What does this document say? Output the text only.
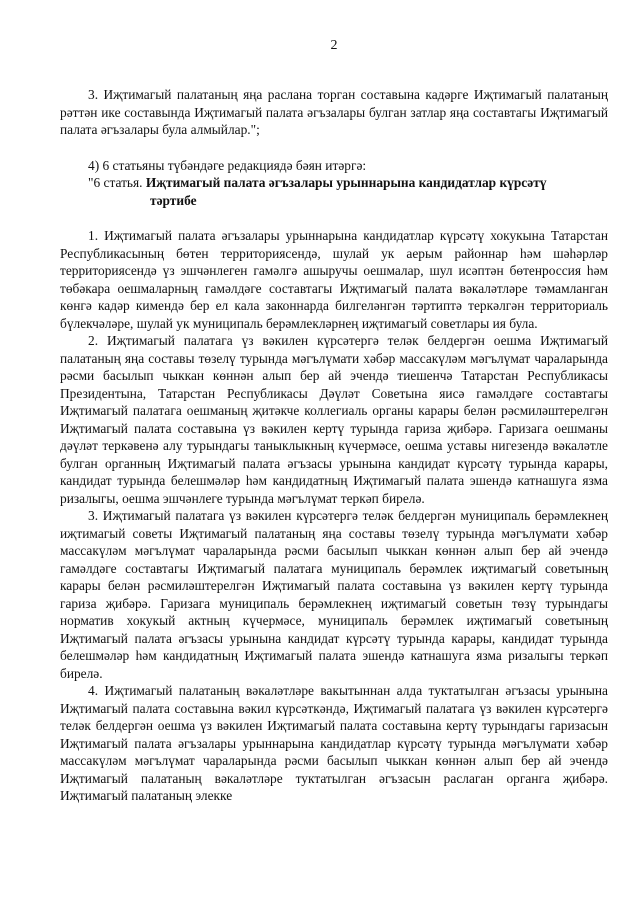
2

3. Иҗтимагый палатаның яңа раслана торган составына кадәрге Иҗтимагый палатаның рәттән ике составында Иҗтимагый палата әгъзалары булган затлар яңа составтагы Иҗтимагый палата әгъзалары була алмыйлар.";

4) 6 статьяны түбәндәге редакциядә бәян итәргә:

"6 статья. Иҗтимагый палата әгъзалары урыннарына кандидатлар күрсәтү
тәртибе

1. Иҗтимагый палата әгъзалары урыннарына кандидатлар күрсәтү хокукына Татарстан Республикасының бөтен территориясендә, шулай ук аерым районнар һәм шәһәрләр территориясендә үз эшчәнлеген гамәлгә ашыручы оешмалар, шул исәптән бөтенроссия һәм төбәкара оешмаларның гамәлдәге составтагы Иҗтимагый палата вәкаләтләре тәмамланган көнгә кадәр кимендә бер ел кала законнарда билгеләнгән тәртиптә теркәлгән территориаль бүлекчәләре, шулай ук муниципаль берәмлекләрнең иҗтимагый советлары ия була.

2. Иҗтимагый палатага үз вәкилен күрсәтергә теләк белдергән оешма Иҗтимагый палатаның яңа составы төзелү турында мәгълүмати хәбәр массакүләм мәгълүмат чараларында рәсми басылып чыккан көннән алып бер ай эчендә тиешенчә Татарстан Республикасы Президентына, Татарстан Республикасы Дәүләт Советына яисә гамәлдәге составтагы Иҗтимагый палатага оешманың җитәкче коллегиаль органы карары белән рәсмиләштерелгән Иҗтимагый палата составына үз вәкилен кертү турында гариза җибәрә. Гаризага оешманы дәүләт теркәвенә алу турындагы таныклыкның күчермәсе, оешма уставы нигезендә вәкаләтле булган органның Иҗтимагый палата әгъзасы урынына кандидат күрсәтү турында карары, кандидат турында белешмәләр һәм кандидатның Иҗтимагый палата эшендә катнашуга язма ризалыгы, оешма эшчәнлеге турында мәгълүмат теркәп бирелә.

3. Иҗтимагый палатага үз вәкилен күрсәтергә теләк белдергән муниципаль берәмлекнең иҗтимагый советы Иҗтимагый палатаның яңа составы төзелү турында мәгълүмати хәбәр массакүләм мәгълүмат чараларында рәсми басылып чыккан көннән алып бер ай эчендә гамәлдәге составтагы Иҗтимагый палатага муниципаль берәмлек иҗтимагый советының карары белән рәсмиләштерелгән Иҗтимагый палата составына үз вәкилен кертү турында гариза җибәрә. Гаризага муниципаль берәмлекнең иҗтимагый советын төзү турындагы норматив хокукый актның күчермәсе, муниципаль берәмлек иҗтимагый советының Иҗтимагый палата әгъзасы урынына кандидат күрсәтү турында карары, кандидат турында белешмәләр һәм кандидатның Иҗтимагый палата эшендә катнашуга язма ризалыгы теркәп бирелә.

4. Иҗтимагый палатаның вәкаләтләре вакытыннан алда туктатылган әгъзасы урынына Иҗтимагый палата составына вәкил күрсәткәндә, Иҗтимагый палатага үз вәкилен күрсәтергә теләк белдергән оешма үз вәкилен Иҗтимагый палата составына кертү турындагы гаризасын Иҗтимагый палата әгъзалары урыннарына кандидатлар күрсәтү турында мәгълүмати хәбәр массакүләм мәгълүмат чараларында рәсми басылып чыккан көннән алып бер ай эчендә Иҗтимагый палатаның вәкаләтләре туктатылган әгъзасын раслаган органга җибәрә. Иҗтимагый палатаның элекке
